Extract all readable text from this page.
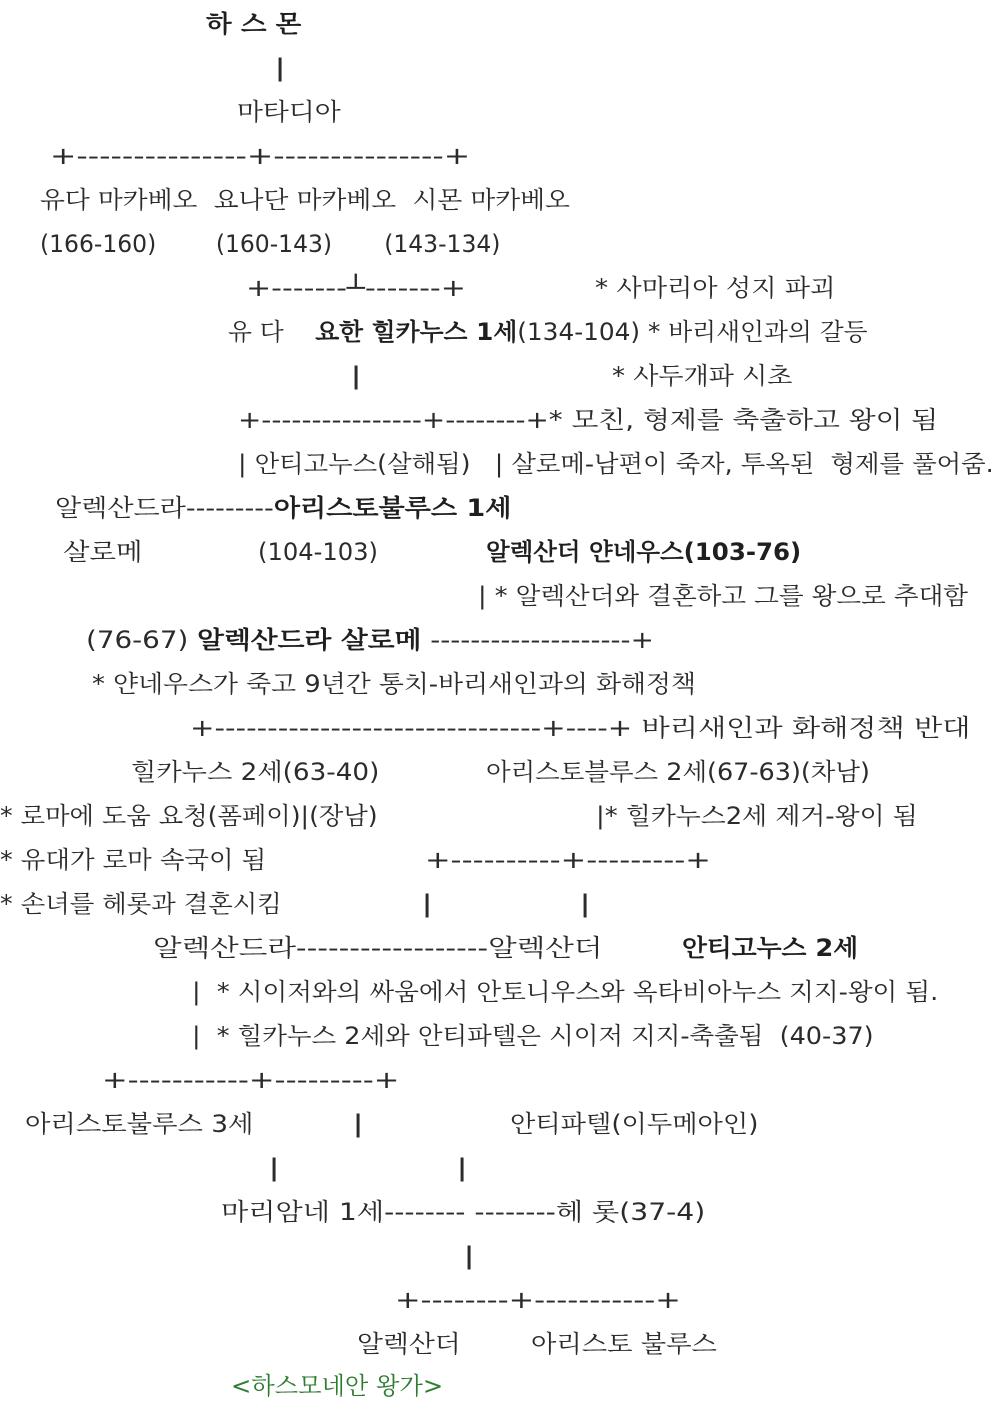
하 스 몬
|
마타디아
+---------------+---------------+
유다 마카베오  요나단 마카베오  시몬 마카베오
(166-160)        (160-143)       (143-134)
+-------┴-------+	* 사마리아 성지 파괴
유 다    요한 힐카누스 1세(134-104) * 바리새인과의 갈등
|	* 사두개파 시초
+----------------+--------+* 모친, 형제를 축출하고 왕이 됨
| 안티고누스(살해됨)   | 살로메-남편이 죽자, 투옥된  형제를 풀어줌.
알렉산드라---------아리스토불루스 1세
살로메	(104-103)	알렉산더 얀네우스(103-76)
| * 알렉산더와 결혼하고 그를 왕으로 추대함
(76-67) 알렉산드라 살로메 --------------------+
* 얀네우스가 죽고 9년간 통치-바리새인과의 화해정책
+-------------------------------+----+ 바리새인과 화해정책 반대
힐카누스 2세(63-40)	아리스토블루스 2세(67-63)(차남)
* 로마에 도움 요청(폼페이)|(장남)	|* 힐카누스2세 제거-왕이 됨
* 유대가 로마 속국이 됨	+----------+---------+
* 손녀를 헤롯과 결혼시킴	|	|
알렉산드라------------------알렉산더	안티고누스 2세
|  * 시이저와의 싸움에서 안토니우스와 옥타비아누스 지지-왕이 됨.
|  * 힐카누스 2세와 안티파텔은 시이저 지지-축출됨  (40-37)
+-----------+---------+
아리스토불루스 3세	|	안티파텔(이두메아인)
|	|
마리암네 1세-------- --------헤 롯(37-4)
|
+--------+-----------+
알렉산더	아리스토 불루스
<하스모네안 왕가>
